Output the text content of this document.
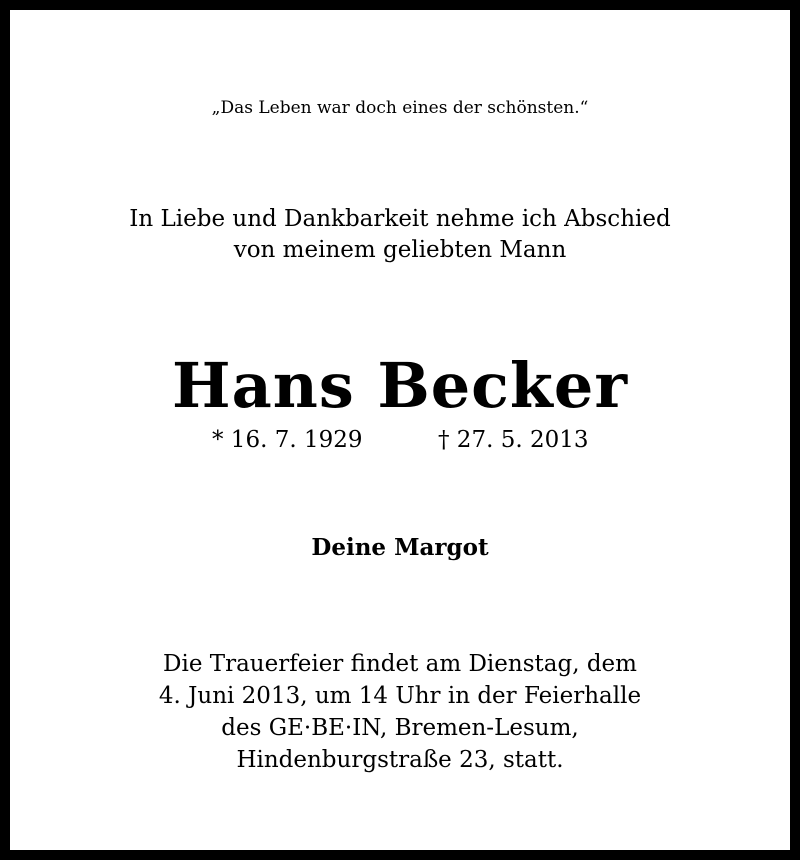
„Das Leben war doch eines der schönsten.“
In Liebe und Dankbarkeit nehme ich Abschied
von meinem geliebten Mann
Hans Becker
* 16. 7. 1929	† 27. 5. 2013
Deine Margot
Die Trauerfeier findet am Dienstag, dem
4. Juni 2013, um 14 Uhr in der Feierhalle
des GE·BE·IN, Bremen-Lesum,
Hindenburgstraße 23, statt.
